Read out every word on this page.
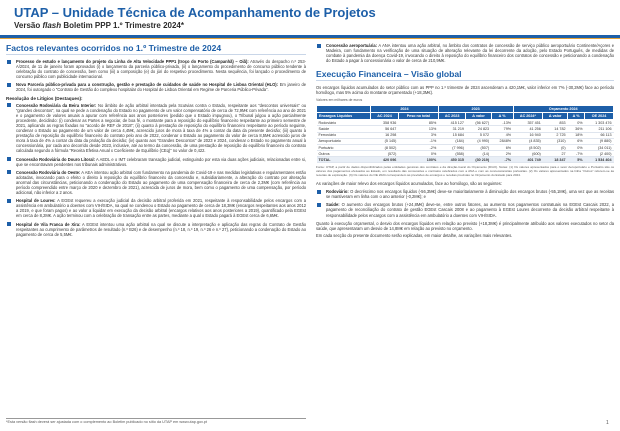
UTAP – Unidade Técnica de Acompanhamento de Projetos
Versão flash Boletim PPP 1.º Trimestre 2024*
Factos relevantes ocorridos no 1.º Trimestre de 2024
Processo de estudo e lançamento do projeto da Linha de Alta Velocidade PPP1 (troço do Porto (Campanhã) – Oiã): Através do despacho n.º 253-A/2024, de 11 de janeiro foram aprovados (i) o lançamento da parceria público-privada, (ii) o lançamento do procedimento de concurso público tendente à celebração do contrato de concessão, bem como (iii) a composição (e) do júri do respetivo procedimento. Nesta sequência, foi lançado o procedimento de concurso público com publicidade internacional.
Nova Parceria público-privada para a construção, gestão e prestação de cuidados de saúde no Hospital de Lisboa Oriental (HLO): Em janeiro de 2024, foi outorgado o “Contrato de Gestão do complexo hospitalar do Hospital de Lisboa Oriental em Regime de Parceria Público-Privada”.
Resolução de Litígios (Destaques):
Concessão Rodoviária da Beira Interior: No âmbito de ação arbitral intentada pela Scutvias contra o Estado, respeitante aos “descontos universais” ou “grandes descontos”, na qual se pede a condenação do Estado no pagamento de um valor compensatório de cerca de 72,9M€ com referência ao ano de 2021 e o pagamento de valores anuais a apurar com referência aos anos posteriores (pedido que o Estado impugnou), o Tribunal julgou a ação parcialmente procedente, decidindo: (i) condenar as Partes a negociar, de boa fé, o montante para a reposição do equilíbrio financeiro respeitante ao primeiro semestre de 2021, aplicando as regras fixadas no “acordo de REF de 2018”; (ii) quanto à prestação de reposição do equilíbrio financeiro respeitante ao período seguinte, condenar o Estado ao pagamento de um valor de cerca 4,4M€, acrescido juros de mora à taxa de 4% a contar da data da presente decisão; (iii) quanto à prestação de reposição do equilíbrio financeiro do contrato pelo ano de 2022, condenar o Estado ao pagamento do valor de cerca 8,5M€ acrescido juros de mora à taxa de 4% a contar da data da prolação da decisão; (iv) quanto aos “Grandes Descontos” de 2023 e 2024, condenar o Estado no pagamento anual à concessionária, por cada ano decorrido desde 2023, inclusive, até ao termo da concessão, de uma prestação de reposição do equilíbrio financeiro do contrato calculada segundo a fórmula “Receita Efetiva Anual x Coeficiente de Equilíbrio (CEq)” no valor de 0,422.
Concessão Rodoviária do Douro Litoral: A AEDL e o IMT celebraram transação judicial, extinguindo por esta via duas ações judiciais, relacionadas entre si, que se encontravam pendentes nos tribunais administrativos.
Concessão Rodoviária do Oeste: A AEA intentou ação arbitral com fundamento na pandemia de Covid-19 e nas medidas legislativas e regulamentares então adotadas, invocando para o efeito o direito à reposição do equilíbrio financeiro da concessão e, subsidiariamente, a alteração do contrato por alteração anormal das circunstâncias, peticionando a condenação do Estado ao pagamento de uma compensação financeira de cerca de 2,3M€ (com referência ao período compreendido entre março de 2020 e dezembro de 2021), acrescida de juros de mora, bem como o pagamento de uma compensação, por período adicional, não inferior a 2 anos.
Hospital de Loures: A EGEst requereu a execução judicial da decisão arbitral proferida em 2021, respeitante à responsabilidade pelos encargos com a assistência em ambulatório a doentes com VIH/SIDA, na qual se condenou o Estado ao pagamento de cerca de 18,3M€ (encargos respeitantes aos anos 2012 a 2019, e que foram pagos) e ao valor a liquidar em execução da decisão arbitral (encargos relativos aos anos posteriores a 2019), quantificado pela EGEst em cerca de 8,2M€. A ação terminou com a celebração de transação entre as partes, mediante a qual o Estado pagará à EGEst cerca de 6,6M€.
Hospital de Vila Franca de Xira: A EGEst intentou uma ação arbitral na qual se discute a interpretação e aplicação das regras do Contrato de Gestão respeitantes ao cumprimento de parâmetros de resultado (n.º B26) e de desempenho (n.º 18, n.º 19, n.º 26 e n.º 27), peticionando a condenação do Estado ao pagamento de cerca de 5,5M€.
Concessão aeroportuária: A ANA intentou uma ação arbitral, no âmbito dos contratos de concessão de serviço público aeroportuário Continente/Açores e Madeira, com fundamento na verificação de uma situação de alteração relevante da lei decorrente da adoção, pelo Estado Português, de medidas de combate à pandemia da doença Covid-19, invocando o direito à reposição do equilíbrio financeiro dos contratos de concessão e peticionando a condenação do Estado a pagar à concessionária o valor de cerca de 210,9M€.
Execução Financeira – Visão global
Os encargos líquidos acumulados do setor público com as PPP no 1.º trimestre de 2024 ascenderam a 420,1M€, valor inferior em 7% (-30,2M€) face ao período homólogo, mas 5% acima do montante orçamentado (+18,3M€).
Valores em milhares de euros
	2024		2023			Orçamento 2024			
Encargos Líquidos	AC 2024	Peso no total	AC 2023	Δ valor	Δ %	AC 2024*	Δ valor	Δ %	OE 2024
Rodoviário	358 936	85%	415 127	(56 627)	-13%	357 451	853	0%	1 303 476
Saúde	56 647	13%	31 219	24 823	79%	41 256	14 782	36%	211 106
Ferroviário	16 298	3%	15 684	5 072	4%	16 940	2 725	18%	66 113
Aeroportuário	(5 145)	-1%	(184)	(4 990)	2848%	(4 835)	(310)	6%	(9 880)
Portuário	(8 502)	-2%	(7 996)	(507)	6%	(8 502)	(0)	0%	(34 011)
Outros	(572)	0%	(558)	(14)	2%	(600)	27	-7%	(2 400)
TOTAL	420 096	100%	450 315	(30 219)	-7%	401 749	18 347	5%	1 534 404
Fonte: UTAP, a partir de dados disponibilizados pelas entidades gestoras dos contratos e da direção-Geral do Orçamento (DGO). Notas: (1) Os valores apresentados para o setor Aeroportuário e Portuário são os valores dos pagamentos efetuados ao Estado, em resultado das concessões e contratos celebrados com a ANA e com as concessionárias portuárias. (2) Os valores apresentados na linha “Outros” referem-se às receitas de exploração. (3) Os valores do OE 2024 correspondem às previsões de encargos e receitas previstas no Orçamento do Estado para 2024.
As variações de maior relevo dos encargos líquidos acumulados, face ao homólogo, são as seguintes:
Rodoviário: O decréscimo nos encargos líquidos (-56,3M€) deve-se maioritariamente à diminuição dos encargos brutos (-55,1M€), uma vez que as receitas se mantiveram em linha com o ano anterior (-0,2M€); e
Saúde: O aumento dos encargos brutos (+24,8M€) deve-se, entre outros fatores, ao aumento nos pagamentos contratuais na EGEst Cascais 2022, a pagamento de reconciliação do contrato de gestão EGEst Cascais 2008 e ao pagamento à EGEst Loures decorrente da decisão arbitral respeitante à responsabilidade pelos encargos com a assistência em ambulatório a doentes com VIH/SIDA.
Quanto à execução orçamental, o desvio dos encargos líquidos em relação ao previsto (+18,3M€) é principalmente atribuído aos valores executados no setor da saúde, que apresentaram um desvio de 14,8M€ em relação ao previsto no orçamento.
Em cada secção do presente documento serão explicadas, em maior detalhe, as variações mais relevantes.
*Esta versão flash deverá ser ajustada com o complemento ao Boletim publicado no sítio da UTAP em www.utap.gov.pt	1
